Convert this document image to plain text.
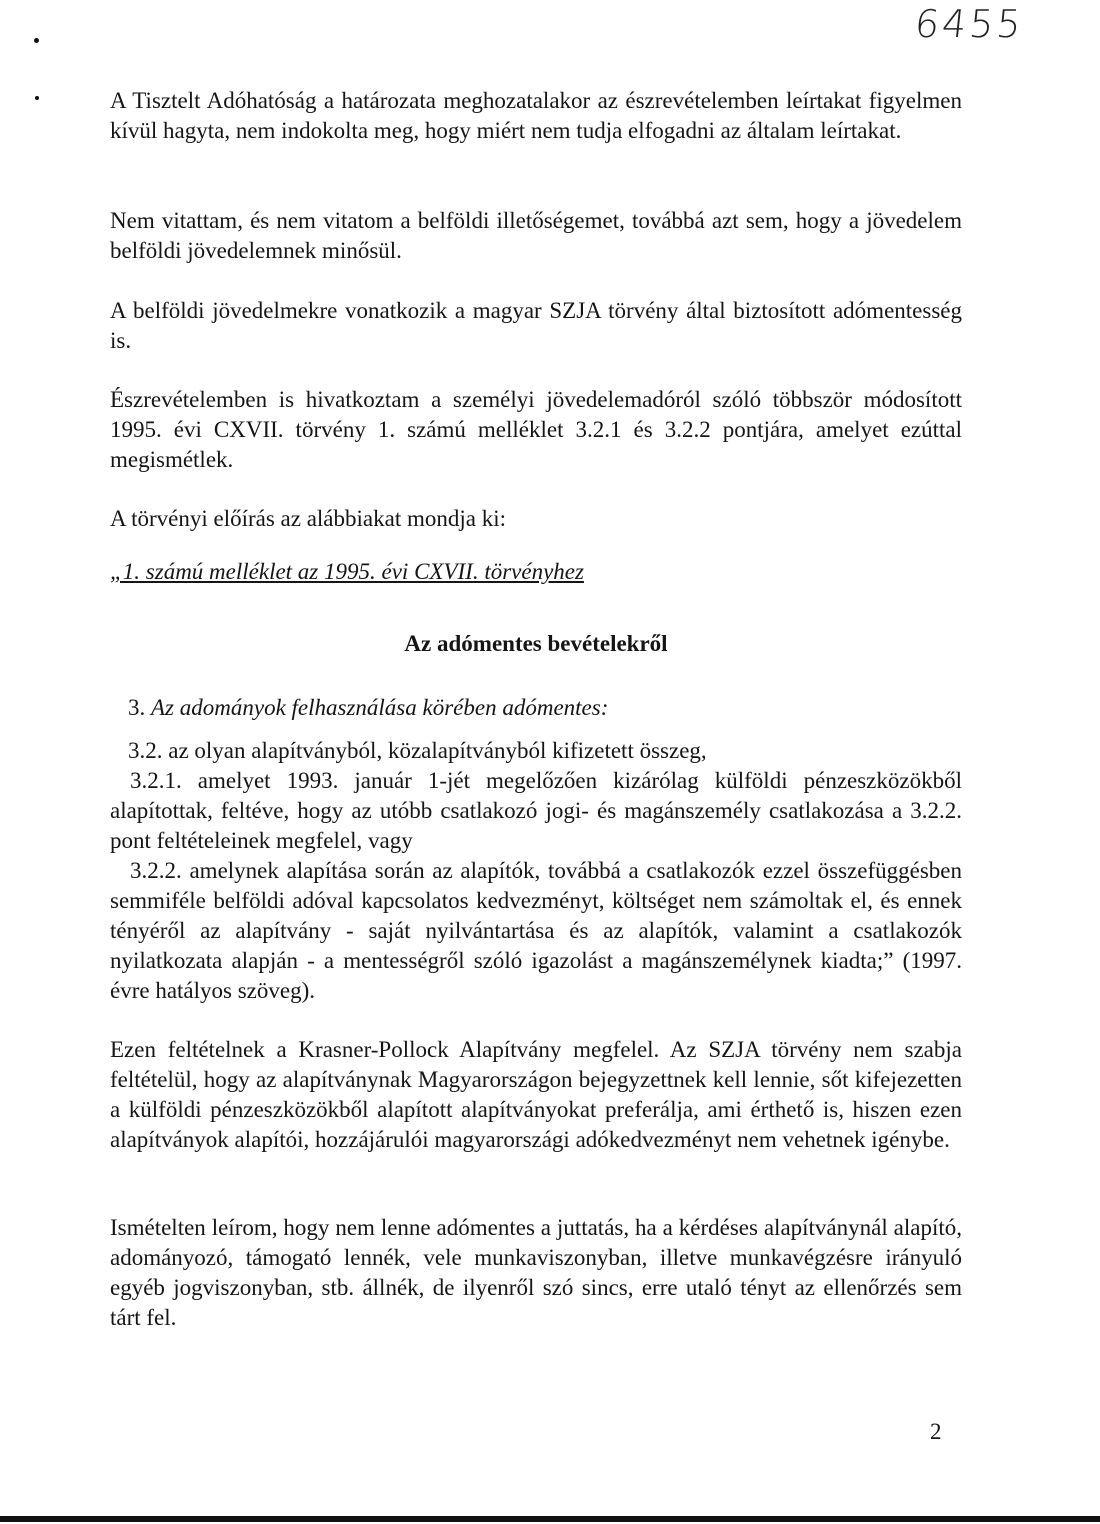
6455

A Tisztelt Adóhatóság a határozata meghozatalakor az észrevételemben leírtakat figyelmen kívül hagyta, nem indokolta meg, hogy miért nem tudja elfogadni az általam leírtakat.

Nem vitattam, és nem vitatom a belföldi illetőségemet, továbbá azt sem, hogy a jövedelem belföldi jövedelemnek minősül.

A belföldi jövedelmekre vonatkozik a magyar SZJA törvény által biztosított adómentesség is.

Észrevételemben is hivatkoztam a személyi jövedelemadóról szóló többször módosított 1995. évi CXVII. törvény 1. számú melléklet 3.2.1 és 3.2.2 pontjára, amelyet ezúttal megismétlek.

A törvényi előírás az alábbiakat mondja ki:

„1. számú melléklet az 1995. évi CXVII. törvényhez

Az adómentes bevételekről

3. Az adományok felhasználása körében adómentes:

3.2. az olyan alapítványból, közalapítványból kifizetett összeg,

3.2.1. amelyet 1993. január 1-jét megelőzően kizárólag külföldi pénzeszközökből alapítottak, feltéve, hogy az utóbb csatlakozó jogi- és magánszemély csatlakozása a 3.2.2. pont feltételeinek megfelel, vagy

3.2.2. amelynek alapítása során az alapítók, továbbá a csatlakozók ezzel összefüggésben semmiféle belföldi adóval kapcsolatos kedvezményt, költséget nem számoltak el, és ennek tényéről az alapítvány - saját nyilvántartása és az alapítók, valamint a csatlakozók nyilatkozata alapján - a mentességről szóló igazolást a magánszemélynek kiadta;” (1997. évre hatályos szöveg).

Ezen feltételnek a Krasner-Pollock Alapítvány megfelel. Az SZJA törvény nem szabja feltételül, hogy az alapítványnak Magyarországon bejegyzettnek kell lennie, sőt kifejezetten a külföldi pénzeszközökből alapított alapítványokat preferálja, ami érthető is, hiszen ezen alapítványok alapítói, hozzájárulói magyarországi adókedvezményt nem vehetnek igénybe.

Ismételten leírom, hogy nem lenne adómentes a juttatás, ha a kérdéses alapítványnál alapító, adományozó, támogató lennék, vele munkaviszonyban, illetve munkavégzésre irányuló egyéb jogviszonyban, stb. állnék, de ilyenről szó sincs, erre utaló tényt az ellenőrzés sem tárt fel.

2
